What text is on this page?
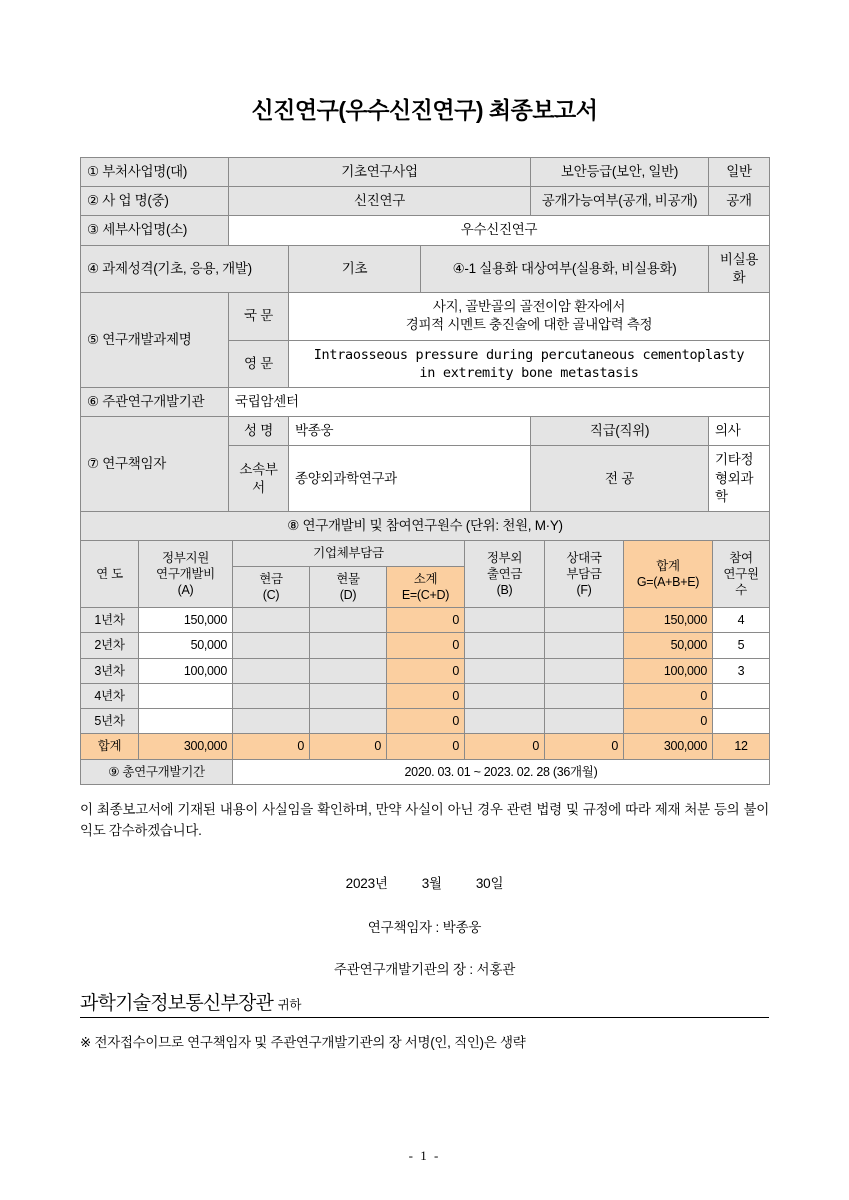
신진연구(우수신진연구) 최종보고서
① 부처사업명(대)	기초연구사업			보안등급(보안, 일반)	일반
② 사 업 명(중)	신진연구			공개가능여부(공개, 비공개)	공개
③ 세부사업명(소)	우수신진연구				
④ 과제성격(기초, 응용, 개발)		기초	④-1 실용화 대상여부(실용화, 비실용화)		비실용화
⑤ 연구개발과제명	국 문	사지, 골반골의 골전이암 환자에서
경피적 시멘트 충진술에 대한 골내압력 측정			

	영 문	Intraosseous pressure during percutaneous cementoplasty
in extremity bone metastasis			

⑥ 주관연구개발기관	국립암센터				
⑦ 연구책임자	성 명	박종웅		직급(직위)	의사
	소속부서	종양외과학연구과		전 공	기타정형외과학
⑧ 연구개발비 및 참여연구원수 (단위: 천원, M·Y)					
연 도	정부지원
연구개발비
(A)	기업체부담금			정부외
출연금
(B)	상대국
부담금
(F)	합계
G=(A+B+E)	참여
연구원수

		현금
(C)	현물
(D)	소계
E=(C+D)				

1년차	150,000			0			150,000	4
2년차	50,000			0			50,000	5
3년차	100,000			0			100,000	3
4년차				0			0	
5년차				0			0	
합계	300,000	0	0	0	0	0	300,000	12
⑨ 총연구개발기간		2020. 03. 01 ~ 2023. 02. 28 (36개월)						

이 최종보고서에 기재된 내용이 사실임을 확인하며, 만약 사실이 아닌 경우 관련 법령 및 규정에 따라 제재 처분 등의 불이익도 감수하겠습니다.

2023년	3월	30일
연구책임자 : 박종웅
주관연구개발기관의 장 : 서홍관
과학기술정보통신부장관 귀하

※ 전자접수이므로 연구책임자 및 주관연구개발기관의 장 서명(인, 직인)은 생략

- 1 -
